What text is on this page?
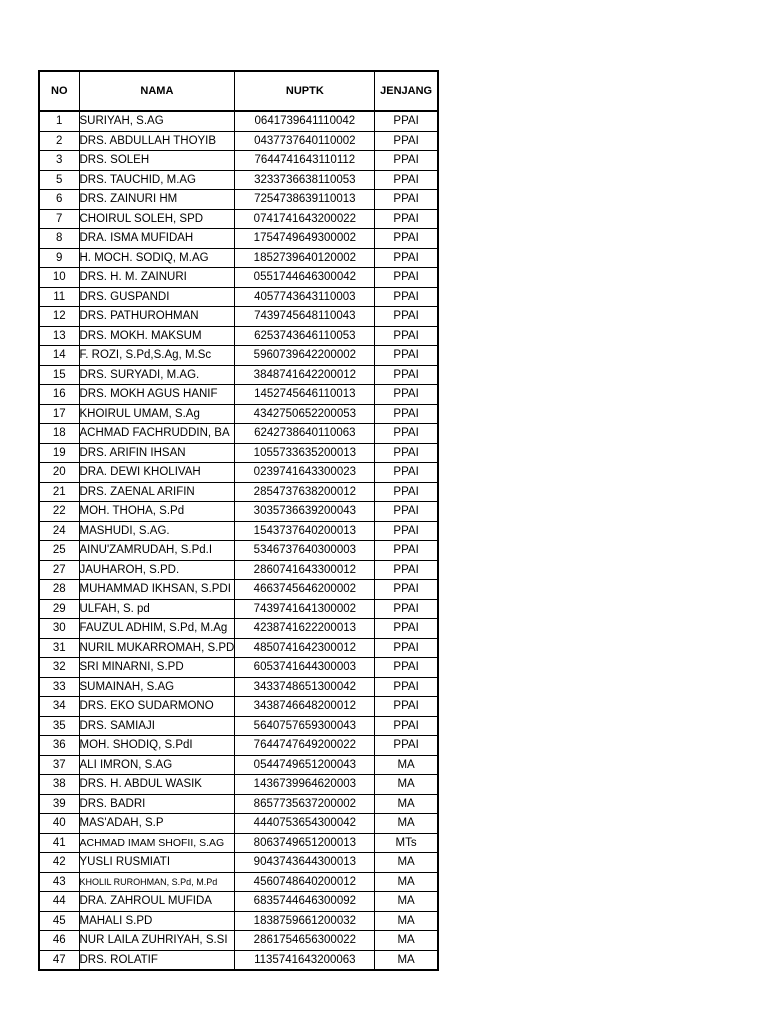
NO	NAMA	NUPTK	JENJANG
1	SURIYAH, S.AG	0641739641110042	PPAI
2	DRS. ABDULLAH THOYIB	0437737640110002	PPAI
3	DRS. SOLEH	7644741643110112	PPAI
5	DRS. TAUCHID, M.AG	3233736638110053	PPAI
6	DRS. ZAINURI HM	7254738639110013	PPAI
7	CHOIRUL SOLEH, SPD	0741741643200022	PPAI
8	DRA. ISMA MUFIDAH	1754749649300002	PPAI
9	H. MOCH. SODIQ, M.AG	1852739640120002	PPAI
10	DRS. H. M. ZAINURI	0551744646300042	PPAI
11	DRS. GUSPANDI	4057743643110003	PPAI
12	DRS. PATHUROHMAN	7439745648110043	PPAI
13	DRS. MOKH. MAKSUM	6253743646110053	PPAI
14	F. ROZI, S.Pd,S.Ag, M.Sc	5960739642200002	PPAI
15	DRS. SURYADI, M.AG.	3848741642200012	PPAI
16	DRS. MOKH AGUS HANIF	1452745646110013	PPAI
17	KHOIRUL UMAM, S.Ag	4342750652200053	PPAI
18	ACHMAD FACHRUDDIN, BA	6242738640110063	PPAI
19	DRS. ARIFIN IHSAN	1055733635200013	PPAI
20	DRA. DEWI KHOLIVAH	0239741643300023	PPAI
21	DRS. ZAENAL ARIFIN	2854737638200012	PPAI
22	MOH. THOHA, S.Pd	3035736639200043	PPAI
24	MASHUDI, S.AG.	1543737640200013	PPAI
25	AINU'ZAMRUDAH, S.Pd.I	5346737640300003	PPAI
27	JAUHAROH, S.PD.	2860741643300012	PPAI
28	MUHAMMAD IKHSAN, S.PDI	4663745646200002	PPAI
29	ULFAH, S. pd	7439741641300002	PPAI
30	FAUZUL ADHIM, S.Pd, M.Ag	4238741622200013	PPAI
31	NURIL MUKARROMAH, S.PD	4850741642300012	PPAI
32	SRI MINARNI, S.PD	6053741644300003	PPAI
33	SUMAINAH, S.AG	3433748651300042	PPAI
34	DRS. EKO SUDARMONO	3438746648200012	PPAI
35	DRS. SAMIAJI	5640757659300043	PPAI
36	MOH. SHODIQ, S.PdI	7644747649200022	PPAI
37	ALI IMRON, S.AG	0544749651200043	MA
38	DRS. H. ABDUL WASIK	1436739964620003	MA
39	DRS. BADRI	8657735637200002	MA
40	MAS'ADAH, S.P	4440753654300042	MA
41	ACHMAD IMAM SHOFII, S.AG	8063749651200013	MTs
42	YUSLI RUSMIATI	9043743644300013	MA
43	KHOLIL RUROHMAN, S.Pd, M.Pd	4560748640200012	MA
44	DRA. ZAHROUL MUFIDA	6835744646300092	MA
45	MAHALI S.PD	1838759661200032	MA
46	NUR LAILA ZUHRIYAH, S.SI	2861754656300022	MA
47	DRS. ROLATIF	1135741643200063	MA
